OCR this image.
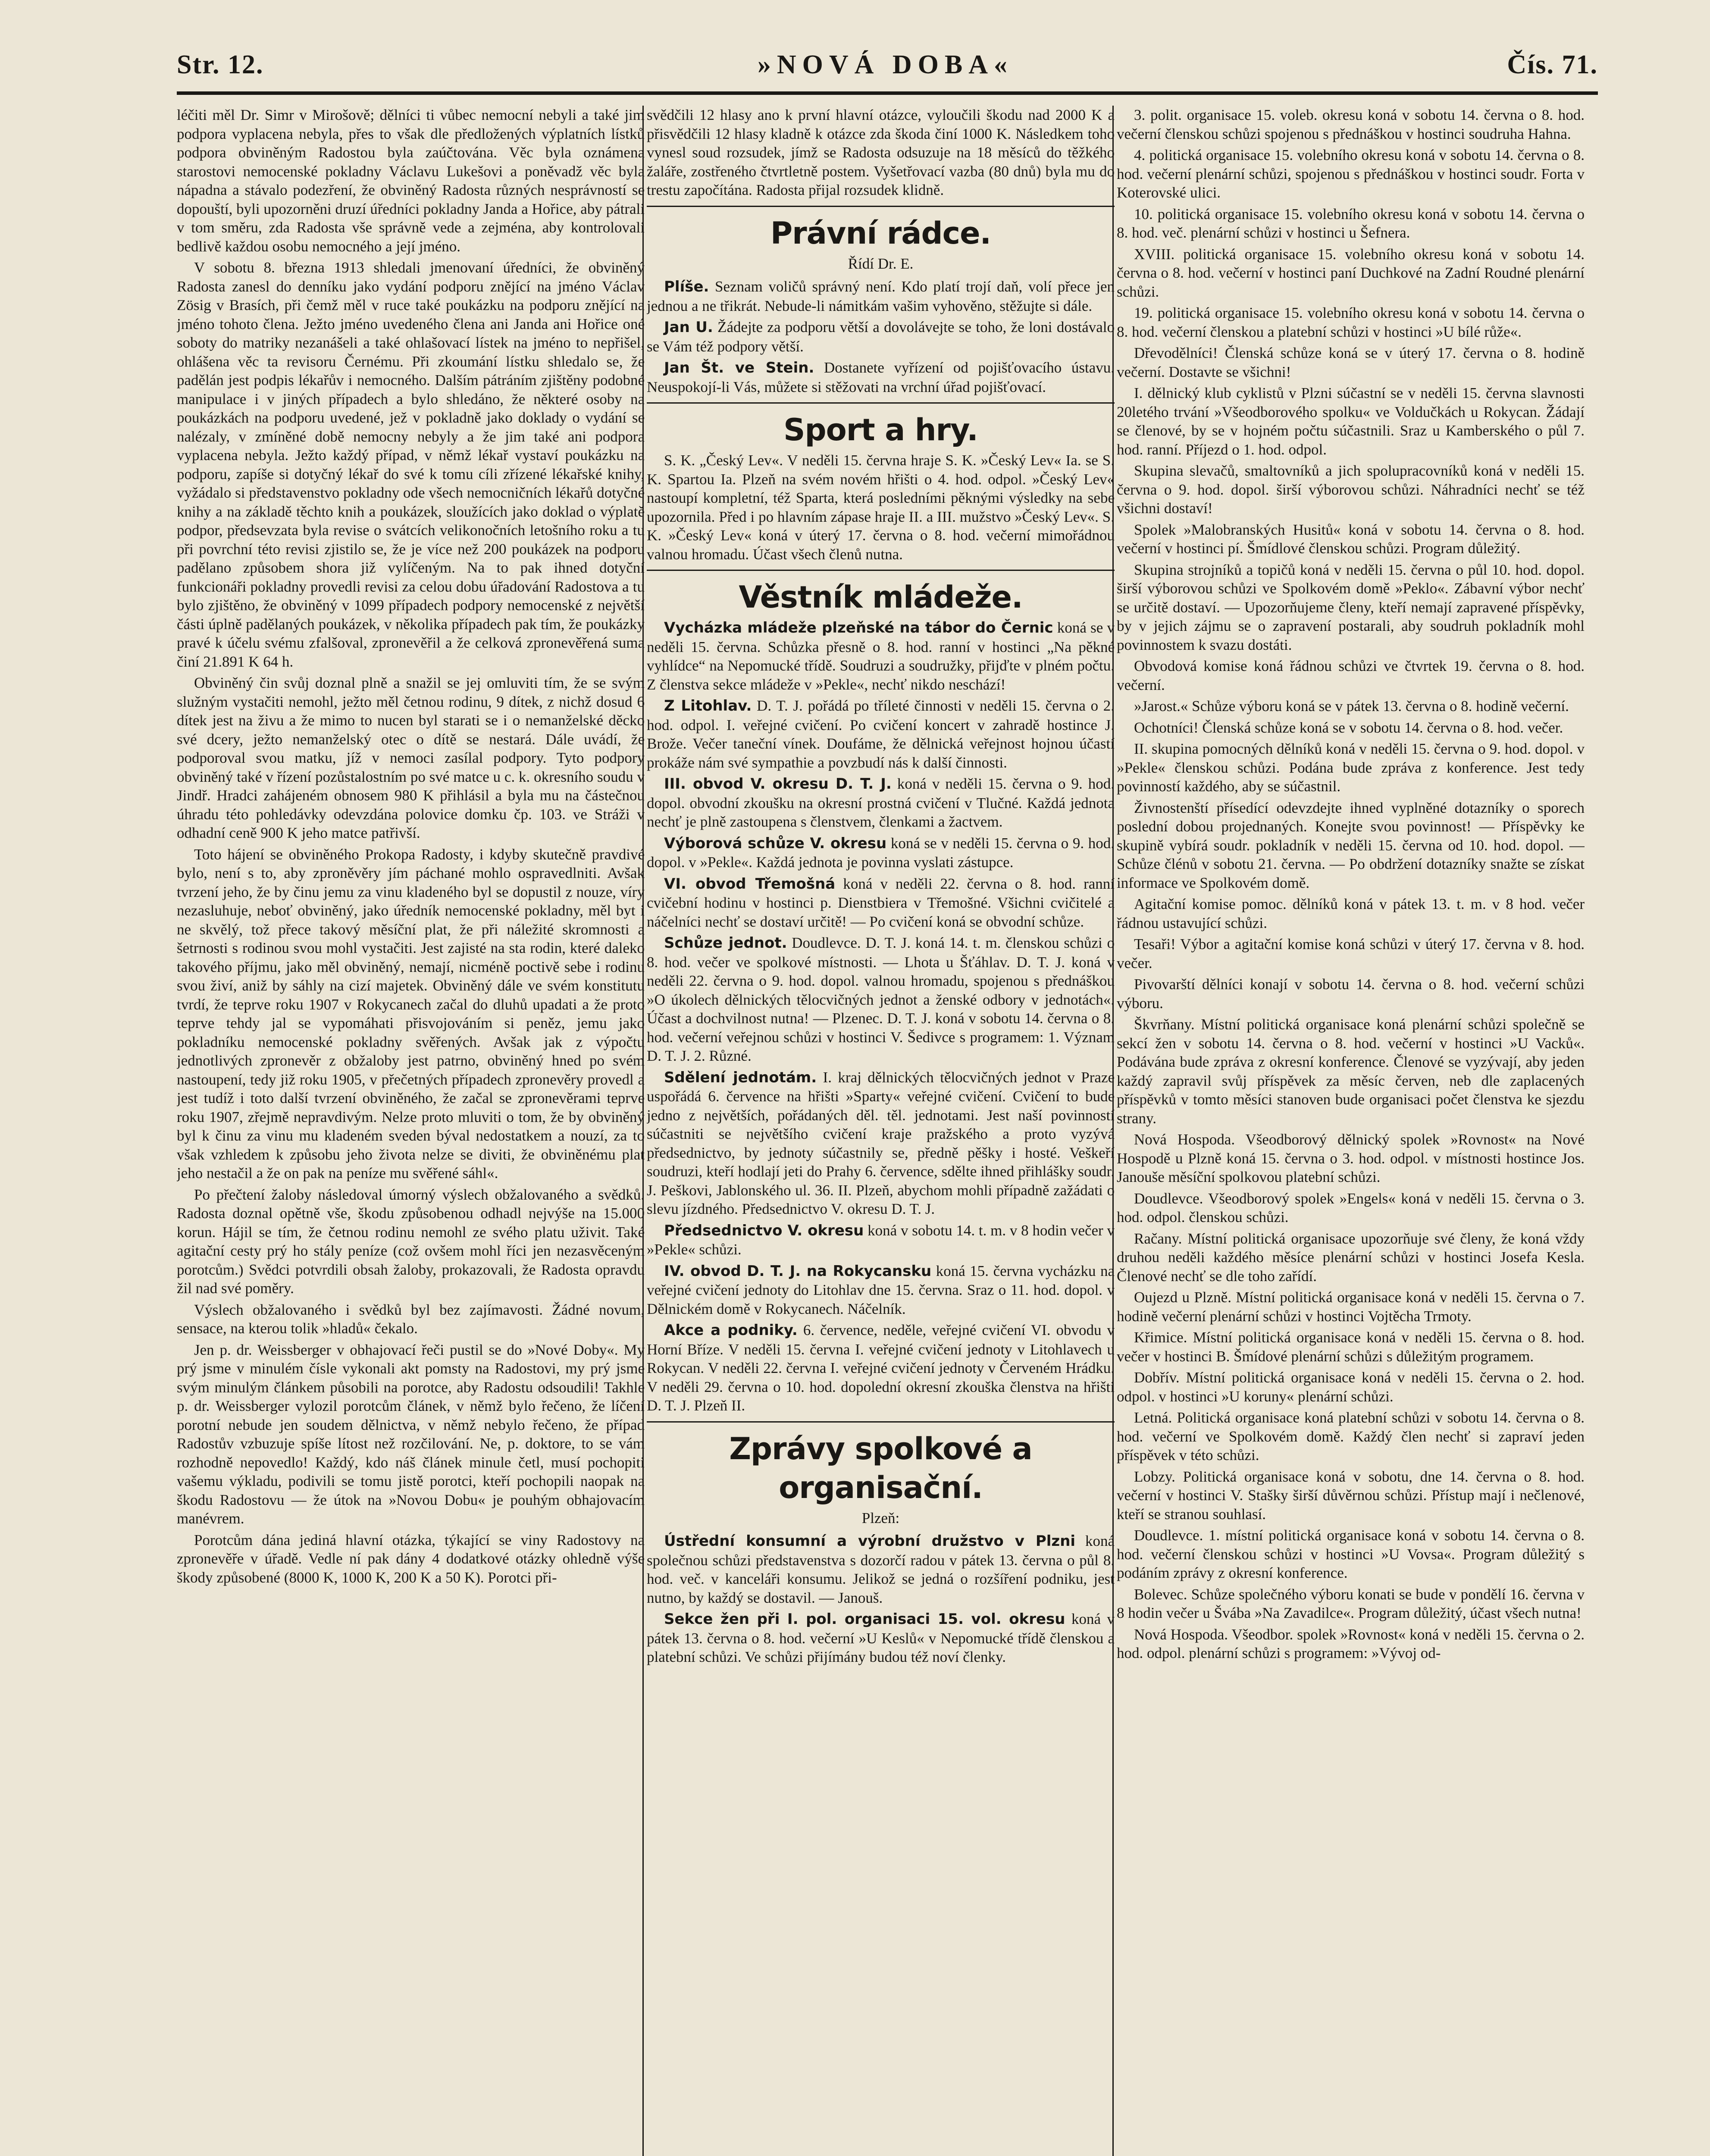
Str. 12.	»NOVÁ DOBA«	Čís. 71.

léčiti měl Dr. Simr v Mirošově; dělníci ti vůbec nemocní nebyli a také jim podpora vyplacena nebyla, přes to však dle předložených výplatních lístků podpora obviněným Radostou byla zaúčtována. Věc byla oznámena starostovi nemocenské pokladny Václavu Lukešovi a poněvadž věc byla nápadna a stávalo podezření, že obviněný Radosta různých nesprávností se dopouští, byli upozorněni druzí úředníci pokladny Janda a Hořice, aby pátrali v tom směru, zda Radosta vše správně vede a zejména, aby kontrolovali bedlivě každou osobu nemocného a její jméno.

V sobotu 8. března 1913 shledali jmenovaní úředníci, že obviněný Radosta zanesl do denníku jako vydání podporu znějící na jméno Václav Zösig v Brasích, při čemž měl v ruce také poukázku na podporu znějící na jméno tohoto člena. Ježto jméno uvedeného člena ani Janda ani Hořice oné soboty do matriky nezanášeli a také ohlašovací lístek na jméno to nepřišel, ohlášena věc ta revisoru Černému. Při zkoumání lístku shledalo se, že padělán jest podpis lékařův i nemocného. Dalším pátráním zjištěny podobné manipulace i v jiných případech a bylo shledáno, že některé osoby na poukázkách na podporu uvedené, jež v pokladně jako doklady o vydání se nalézaly, v zmíněné době nemocny nebyly a že jim také ani podpora vyplacena nebyla. Ježto každý případ, v němž lékař vystaví poukázku na podporu, zapíše si dotyčný lékař do své k tomu cíli zřízené lékařské knihy, vyžádalo si představenstvo pokladny ode všech nemocničních lékařů dotyčné knihy a na základě těchto knih a poukázek, sloužících jako doklad o výplatě podpor, předsevzata byla revise o svátcích velikonočních letošního roku a tu při povrchní této revisi zjistilo se, že je více než 200 poukázek na podporu padělano způsobem shora již vylíčeným. Na to pak ihned dotyční funkcionáři pokladny provedli revisi za celou dobu úřadování Radostova a tu bylo zjištěno, že obviněný v 1099 případech podpory nemocenské z největší části úplně padělaných poukázek, v několika případech pak tím, že poukázky pravé k účelu svému zfalšoval, zpronevěřil a že celková zpronevěřená suma činí 21.891 K 64 h.

Obviněný čin svůj doznal plně a snažil se jej omluviti tím, že se svým služným vystačiti nemohl, ježto měl četnou rodinu, 9 dítek, z nichž dosud 6 dítek jest na živu a že mimo to nucen byl starati se i o nemanželské děcko své dcery, ježto nemanželský otec o dítě se nestará. Dále uvádí, že podporoval svou matku, jíž v nemoci zasílal podpory. Tyto podpory obviněný také v řízení pozůstalostním po své matce u c. k. okresního soudu v Jindř. Hradci zahájeném obnosem 980 K přihlásil a byla mu na částečnou úhradu této pohledávky odevzdána polovice domku čp. 103. ve Stráži v odhadní ceně 900 K jeho matce patřivší.

Toto hájení se obviněného Prokopa Radosty, i kdyby skutečně pravdivé bylo, není s to, aby zproněvěry jím páchané mohlo ospravedlniti. Avšak tvrzení jeho, že by činu jemu za vinu kladeného byl se dopustil z nouze, víry nezasluhuje, neboť obviněný, jako úředník nemocenské pokladny, měl byt i ne skvělý, tož přece takový měsíční plat, že při náležité skromnosti a šetrnosti s rodinou svou mohl vystačiti. Jest zajisté na sta rodin, které daleko takového příjmu, jako měl obviněný, nemají, nicméně poctivě sebe i rodinu svou živí, aniž by sáhly na cizí majetek. Obviněný dále ve svém konstitutu tvrdí, že teprve roku 1907 v Rokycanech začal do dluhů upadati a že proto teprve tehdy jal se vypomáhati přisvojováním si peněz, jemu jako pokladníku nemocenské pokladny svěřených. Avšak jak z výpočtu jednotlivých zpronevěr z obžaloby jest patrno, obviněný hned po svém nastoupení, tedy již roku 1905, v přečetných případech zpronevěry provedl a jest tudíž i toto další tvrzení obviněného, že začal se zpronevěrami teprve roku 1907, zřejmě nepravdivým. Nelze proto mluviti o tom, že by obviněný byl k činu za vinu mu kladeném sveden býval nedostatkem a nouzí, za to však vzhledem k způsobu jeho života nelze se diviti, že obviněnému plat jeho nestačil a že on pak na peníze mu svěřené sáhl«.

Po přečtení žaloby následoval úmorný výslech obžalovaného a svědků. Radosta doznal opětně vše, škodu způsobenou odhadl nejvýše na 15.000 korun. Hájil se tím, že četnou rodinu nemohl ze svého platu uživit. Také agitační cesty prý ho stály peníze (což ovšem mohl říci jen nezasvěceným porotcům.) Svědci potvrdili obsah žaloby, prokazovali, že Radosta opravdu žil nad své poměry.

Výslech obžalovaného i svědků byl bez zajímavosti. Žádné novum, sensace, na kterou tolik »hladů« čekalo.

Jen p. dr. Weissberger v obhajovací řeči pustil se do »Nové Doby«. My prý jsme v minulém čísle vykonali akt pomsty na Radostovi, my prý jsme svým minulým článkem působili na porotce, aby Radostu odsoudili! Takhle p. dr. Weissberger vylozil porotcům článek, v němž bylo řečeno, že líčení porotní nebude jen soudem dělnictva, v němž nebylo řečeno, že případ Radostův vzbuzuje spíše lítost než rozčilování. Ne, p. doktore, to se vám rozhodně nepovedlo! Každý, kdo náš článek minule četl, musí pochopiti vašemu výkladu, podivili se tomu jistě porotci, kteří pochopili naopak na škodu Radostovu — že útok na »Novou Dobu« je pouhým obhajovacím manévrem.

Porotcům dána jediná hlavní otázka, týkající se viny Radostovy na zpronevěře v úřadě. Vedle ní pak dány 4 dodatkové otázky ohledně výše škody způsobené (8000 K, 1000 K, 200 K a 50 K). Porotci při-

svědčili 12 hlasy ano k první hlavní otázce, vyloučili škodu nad 2000 K a přisvědčili 12 hlasy kladně k otázce zda škoda činí 1000 K. Následkem toho vynesl soud rozsudek, jímž se Radosta odsuzuje na 18 měsíců do těžkého žaláře, zostřeného čtvrtletně postem. Vyšetřovací vazba (80 dnů) byla mu do trestu započítána. Radosta přijal rozsudek klidně.

Právní rádce.
Řídí Dr. E.

Plíše. Seznam voličů správný není. Kdo platí trojí daň, volí přece jen jednou a ne třikrát. Nebude-li námitkám vašim vyhověno, stěžujte si dále.

Jan U. Žádejte za podporu větší a dovolávejte se toho, že loni dostávalo se Vám též podpory větší.

Jan Št. ve Stein. Dostanete vyřízení od pojišťovacího ústavu. Neuspokojí-li Vás, můžete si stěžovati na vrchní úřad pojišťovací.

Sport a hry.

S. K. „Český Lev«. V neděli 15. června hraje S. K. »Český Lev« Ia. se S. K. Spartou Ia. Plzeň na svém novém hřišti o 4. hod. odpol. »Český Lev« nastoupí kompletní, též Sparta, která posledními pěknými výsledky na sebe upozornila. Před i po hlavním zápase hraje II. a III. mužstvo »Český Lev«. S. K. »Český Lev« koná v úterý 17. června o 8. hod. večerní mimořádnou valnou hromadu. Účast všech členů nutna.

Věstník mládeže.

Vycházka mládeže plzeňské na tábor do Černic koná se v neděli 15. června. Schůzka přesně o 8. hod. ranní v hostinci „Na pěkné vyhlídce“ na Nepomucké třídě. Soudruzi a soudružky, přijďte v plném počtu. Z členstva sekce mládeže v »Pekle«, nechť nikdo neschází!

Z Litohlav. D. T. J. pořádá po tříleté činnosti v neděli 15. června o 2. hod. odpol. I. veřejné cvičení. Po cvičení koncert v zahradě hostince J. Brože. Večer taneční vínek. Doufáme, že dělnická veřejnost hojnou účastí prokáže nám své sympathie a povzbudí nás k další činnosti.

III. obvod V. okresu D. T. J. koná v neděli 15. června o 9. hod. dopol. obvodní zkoušku na okresní prostná cvičení v Tlučné. Každá jednota nechť je plně zastoupena s členstvem, členkami a žactvem.

Výborová schůze V. okresu koná se v neděli 15. června o 9. hod. dopol. v »Pekle«. Každá jednota je povinna vyslati zástupce.

VI. obvod Třemošná koná v neděli 22. června o 8. hod. ranní cvičební hodinu v hostinci p. Dienstbiera v Třemošné. Všichni cvičitelé a náčelníci nechť se dostaví určitě! — Po cvičení koná se obvodní schůze.

Schůze jednot. Doudlevce. D. T. J. koná 14. t. m. členskou schůzi o 8. hod. večer ve spolkové místnosti. — Lhota u Šťáhlav. D. T. J. koná v neděli 22. června o 9. hod. dopol. valnou hromadu, spojenou s přednáškou »O úkolech dělnických tělocvičných jednot a ženské odbory v jednotách«. Účast a dochvilnost nutna! — Plzenec. D. T. J. koná v sobotu 14. června o 8. hod. večerní veřejnou schůzi v hostinci V. Šedivce s programem: 1. Význam D. T. J. 2. Různé.

Sdělení jednotám. I. kraj dělnických tělocvičných jednot v Praze uspořádá 6. července na hřišti »Sparty« veřejné cvičení. Cvičení to bude jedno z největších, pořádaných děl. těl. jednotami. Jest naší povinností súčastniti se největšího cvičení kraje pražského a proto vyzývá předsednictvo, by jednoty súčastnily se, předně pěšky i hosté. Veškeří soudruzi, kteří hodlají jeti do Prahy 6. července, sdělte ihned přihlášky soudr. J. Peškovi, Jablonského ul. 36. II. Plzeň, abychom mohli případně zažádati o slevu jízdného. Předsednictvo V. okresu D. T. J.

Předsednictvo V. okresu koná v sobotu 14. t. m. v 8 hodin večer v »Pekle« schůzi.

IV. obvod D. T. J. na Rokycansku koná 15. června vycházku na veřejné cvičení jednoty do Litohlav dne 15. června. Sraz o 11. hod. dopol. v Dělnickém domě v Rokycanech. Náčelník.

Akce a podniky. 6. července, neděle, veřejné cvičení VI. obvodu v Horní Bříze. V neděli 15. června I. veřejné cvičení jednoty v Litohlavech u Rokycan. V neděli 22. června I. veřejné cvičení jednoty v Červeném Hrádku. V neděli 29. června o 10. hod. dopolední okresní zkouška členstva na hřišti D. T. J. Plzeň II.

Zprávy spolkové a organisační.
Plzeň:

Ústřední konsumní a výrobní družstvo v Plzni koná společnou schůzi představenstva s dozorčí radou v pátek 13. června o půl 8. hod. več. v kanceláři konsumu. Jelikož se jedná o rozšíření podniku, jest nutno, by každý se dostavil. — Janouš.

Sekce žen při I. pol. organisaci 15. vol. okresu koná v pátek 13. června o 8. hod. večerní »U Keslů« v Nepomucké třídě členskou a platební schůzi. Ve schůzi přijímány budou též noví členky.

3. polit. organisace 15. voleb. okresu koná v sobotu 14. června o 8. hod. večerní členskou schůzi spojenou s přednáškou v hostinci soudruha Hahna.

4. politická organisace 15. volebního okresu koná v sobotu 14. června o 8. hod. večerní plenární schůzi, spojenou s přednáškou v hostinci soudr. Forta v Koterovské ulici.

10. politická organisace 15. volebního okresu koná v sobotu 14. června o 8. hod. več. plenární schůzi v hostinci u Šefnera.

XVIII. politická organisace 15. volebního okresu koná v sobotu 14. června o 8. hod. večerní v hostinci paní Duchkové na Zadní Roudné plenární schůzi.

19. politická organisace 15. volebního okresu koná v sobotu 14. června o 8. hod. večerní členskou a platební schůzi v hostinci »U bílé růže«.

Dřevodělníci! Členská schůze koná se v úterý 17. června o 8. hodině večerní. Dostavte se všichni!

I. dělnický klub cyklistů v Plzni súčastní se v neděli 15. června slavnosti 20letého trvání »Všeodborového spolku« ve Voldučkách u Rokycan. Žádají se členové, by se v hojném počtu súčastnili. Sraz u Kamberského o půl 7. hod. ranní. Příjezd o 1. hod. odpol.

Skupina slevačů, smaltovníků a jich spolupracovníků koná v neděli 15. června o 9. hod. dopol. širší výborovou schůzi. Náhradníci nechť se též všichni dostaví!

Spolek »Malobranských Husitů« koná v sobotu 14. června o 8. hod. večerní v hostinci pí. Šmídlové členskou schůzi. Program důležitý.

Skupina strojníků a topičů koná v neděli 15. června o půl 10. hod. dopol. širší výborovou schůzi ve Spolkovém domě »Peklo«. Zábavní výbor nechť se určitě dostaví. — Upozorňujeme členy, kteří nemají zapravené příspěvky, by v jejich zájmu se o zapravení postarali, aby soudruh pokladník mohl povinnostem k svazu dostáti.

Obvodová komise koná řádnou schůzi ve čtvrtek 19. června o 8. hod. večerní.

»Jarost.« Schůze výboru koná se v pátek 13. června o 8. hodině večerní.

Ochotníci! Členská schůze koná se v sobotu 14. června o 8. hod. večer.

II. skupina pomocných dělníků koná v neděli 15. června o 9. hod. dopol. v »Pekle« členskou schůzi. Podána bude zpráva z konference. Jest tedy povinností každého, aby se súčastnil.

Živnostenští přísedící odevzdejte ihned vyplněné dotazníky o sporech poslední dobou projednaných. Konejte svou povinnost! — Příspěvky ke skupině vybírá soudr. pokladník v neděli 15. června od 10. hod. dopol. — Schůze člénů v sobotu 21. června. — Po obdržení dotazníky snažte se získat informace ve Spolkovém domě.

Agitační komise pomoc. dělníků koná v pátek 13. t. m. v 8 hod. večer řádnou ustavující schůzi.

Tesaři! Výbor a agitační komise koná schůzi v úterý 17. června v 8. hod. večer.

Pivovarští dělníci konají v sobotu 14. června o 8. hod. večerní schůzi výboru.

Škvrňany. Místní politická organisace koná plenární schůzi společně se sekcí žen v sobotu 14. června o 8. hod. večerní v hostinci »U Vacků«. Podávána bude zpráva z okresní konference. Členové se vyzývají, aby jeden každý zapravil svůj příspěvek za měsíc červen, neb dle zaplacených příspěvků v tomto měsíci stanoven bude organisaci počet členstva ke sjezdu strany.

Nová Hospoda. Všeodborový dělnický spolek »Rovnost« na Nové Hospodě u Plzně koná 15. června o 3. hod. odpol. v místnosti hostince Jos. Janouše měsíční spolkovou platební schůzi.

Doudlevce. Všeodborový spolek »Engels« koná v neděli 15. června o 3. hod. odpol. členskou schůzi.

Račany. Místní politická organisace upozorňuje své členy, že koná vždy druhou neděli každého měsíce plenární schůzi v hostinci Josefa Kesla. Členové nechť se dle toho zařídí.

Oujezd u Plzně. Místní politická organisace koná v neděli 15. června o 7. hodině večerní plenární schůzi v hostinci Vojtěcha Trmoty.

Křimice. Místní politická organisace koná v neděli 15. června o 8. hod. večer v hostinci B. Šmídové plenární schůzi s důležitým programem.

Dobřív. Místní politická organisace koná v neděli 15. června o 2. hod. odpol. v hostinci »U koruny« plenární schůzi.

Letná. Politická organisace koná platební schůzi v sobotu 14. června o 8. hod. večerní ve Spolkovém domě. Každý člen nechť si zapraví jeden příspěvek v této schůzi.

Lobzy. Politická organisace koná v sobotu, dne 14. června o 8. hod. večerní v hostinci V. Stašky širší důvěrnou schůzi. Přístup mají i nečlenové, kteří se stranou souhlasí.

Doudlevce. 1. místní politická organisace koná v sobotu 14. června o 8. hod. večerní členskou schůzi v hostinci »U Vovsa«. Program důležitý s podáním zprávy z okresní konference.

Bolevec. Schůze společného výboru konati se bude v pondělí 16. června v 8 hodin večer u Švába »Na Zavadilce«. Program důležitý, účast všech nutna!

Nová Hospoda. Všeodbor. spolek »Rovnost« koná v neděli 15. června o 2. hod. odpol. plenární schůzi s programem: »Vývoj od-
